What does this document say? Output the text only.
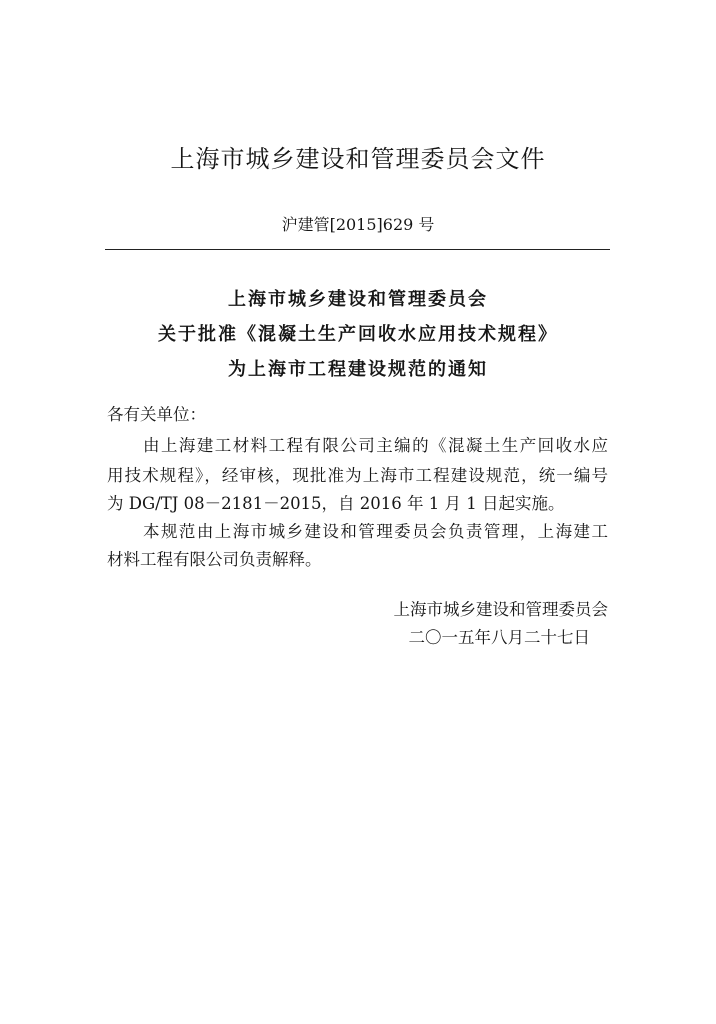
上海市城乡建设和管理委员会文件
沪建管[2015]629 号
上海市城乡建设和管理委员会
关于批准《混凝土生产回收水应用技术规程》
为上海市工程建设规范的通知
各有关单位：
由上海建工材料工程有限公司主编的《混凝土生产回收水应
用技术规程》，经审核，现批准为上海市工程建设规范，统一编号
为 DG/TJ 08－2181－2015，自 2016 年 1 月 1 日起实施。
本规范由上海市城乡建设和管理委员会负责管理，上海建工
材料工程有限公司负责解释。
上海市城乡建设和管理委员会
二〇一五年八月二十七日
